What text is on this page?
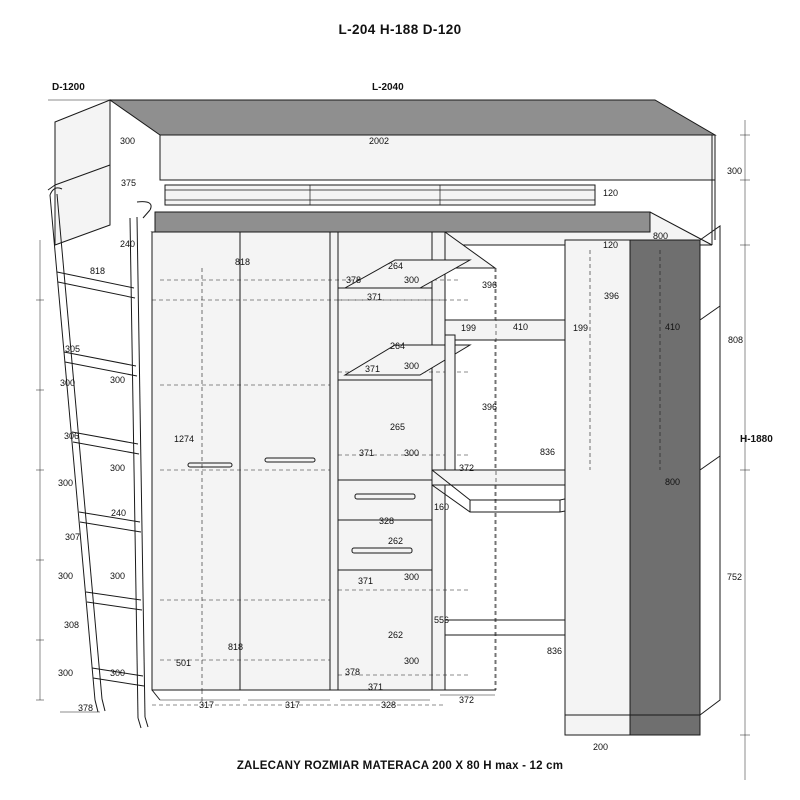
L-204 H-188 D-120
D-1200	L-2040
300	2002
300
375
120
120
800
240
818	264
818
378	300	396
396
371
199	410	199	410
808
305	264
300
300	300
371
396
306	1274
265
H-1880
300
371	300	836
372
800
300
240
160
307
328
262
300	300	752
371	300
308	556
262
836
818
300	300
501
378
300
371
378	317	317	328	372
200
ZALECANY ROZMIAR MATERACA 200 X 80 H max - 12 cm
